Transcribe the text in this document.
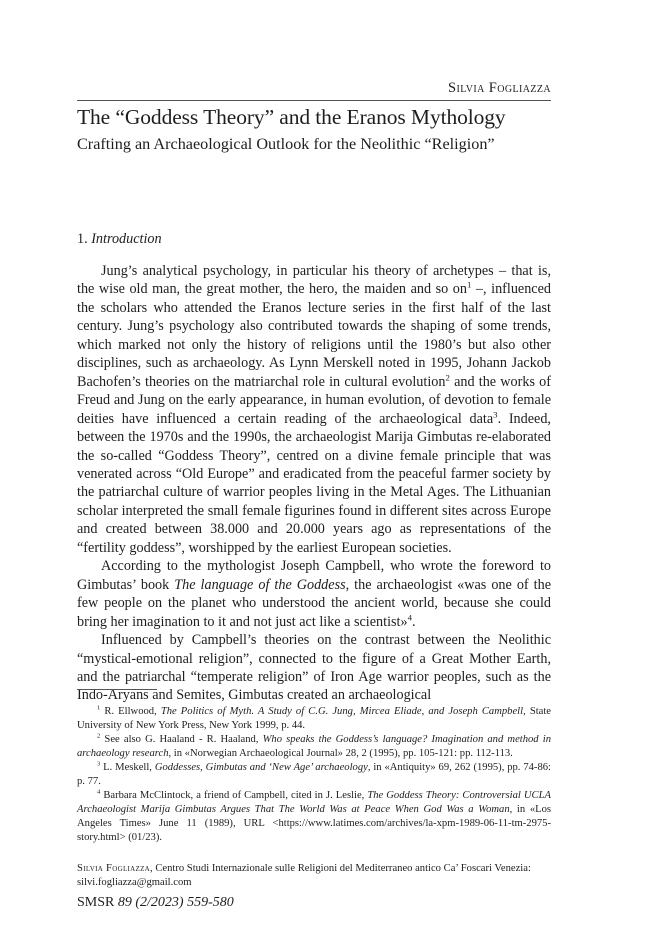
Silvia Fogliazza
The “Goddess Theory” and the Eranos Mythology
Crafting an Archaeological Outlook for the Neolithic “Religion”
1. Introduction

Jung’s analytical psychology, in particular his theory of archetypes – that is, the wise old man, the great mother, the hero, the maiden and so $on^1$ –, influenced the scholars who attended the Eranos lecture series in the first half of the last century. Jung’s psychology also contributed towards the shaping of some trends, which marked not only the history of religions until the 1980’s but also other disciplines, such as archaeology. As Lynn Merskell noted in 1995, Johann Jackob Bachofen’s theories on the matriarchal role in cultural evolution$^2$ and the works of Freud and Jung on the early appearance, in human evolution, of devotion to female deities have influenced a certain reading of the archaeological data$^3$. Indeed, between the 1970s and the 1990s, the archaeologist Marija Gimbutas re-elaborated the so-called “Goddess Theory”, centred on a divine female principle that was venerated across “Old Europe” and eradicated from the peaceful farmer society by the patriarchal culture of warrior peoples living in the Metal Ages. The Lithuanian scholar interpreted the small female figurines found in different sites across Europe and created between 38.000 and 20.000 years ago as representations of the “fertility goddess”, worshipped by the earliest European societies.

According to the mythologist Joseph Campbell, who wrote the foreword to Gimbutas’ book The language of the Goddess, the archaeologist «was one of the few people on the planet who understood the ancient world, because she could bring her imagination to it and not just act like a scientist»$^4$.

Influenced by Campbell’s theories on the contrast between the Neolithic “mystical-emotional religion”, connected to the figure of a Great Mother Earth, and the patriarchal “temperate religion” of Iron Age warrior peoples, such as the Indo-Aryans and Semites, Gimbutas created an archaeological

$^1$ R. Ellwood, The Politics of Myth. A Study of C.G. Jung, Mircea Eliade, and Joseph Campbell, State University of New York Press, New York 1999, p. 44.

$^2$ See also G. Haaland - R. Haaland, Who speaks the Goddess’s language? Imagination and method in archaeology research, in «Norwegian Archaeological Journal» 28, 2 (1995), pp. 105-121: pp. 112-113.

$^3$ L. Meskell, Goddesses, Gimbutas and ‘New Age’ archaeology, in «Antiquity» 69, 262 (1995), pp. 74-86: p. 77.

$^4$ Barbara McClintock, a friend of Campbell, cited in J. Leslie, The Goddess Theory: Controversial UCLA Archaeologist Marija Gimbutas Argues That The World Was at Peace When God Was a Woman, in «Los Angeles Times» June 11 (1989), URL <https://www.latimes.com/archives/la-xpm-1989-06-11-tm-2975-story.html> (01/23).

Silvia Fogliazza, Centro Studi Internazionale sulle Religioni del Mediterraneo antico Ca’ Foscari Venezia: silvi.fogliazza@gmail.com
SMSR 89 (2/2023) 559-580
